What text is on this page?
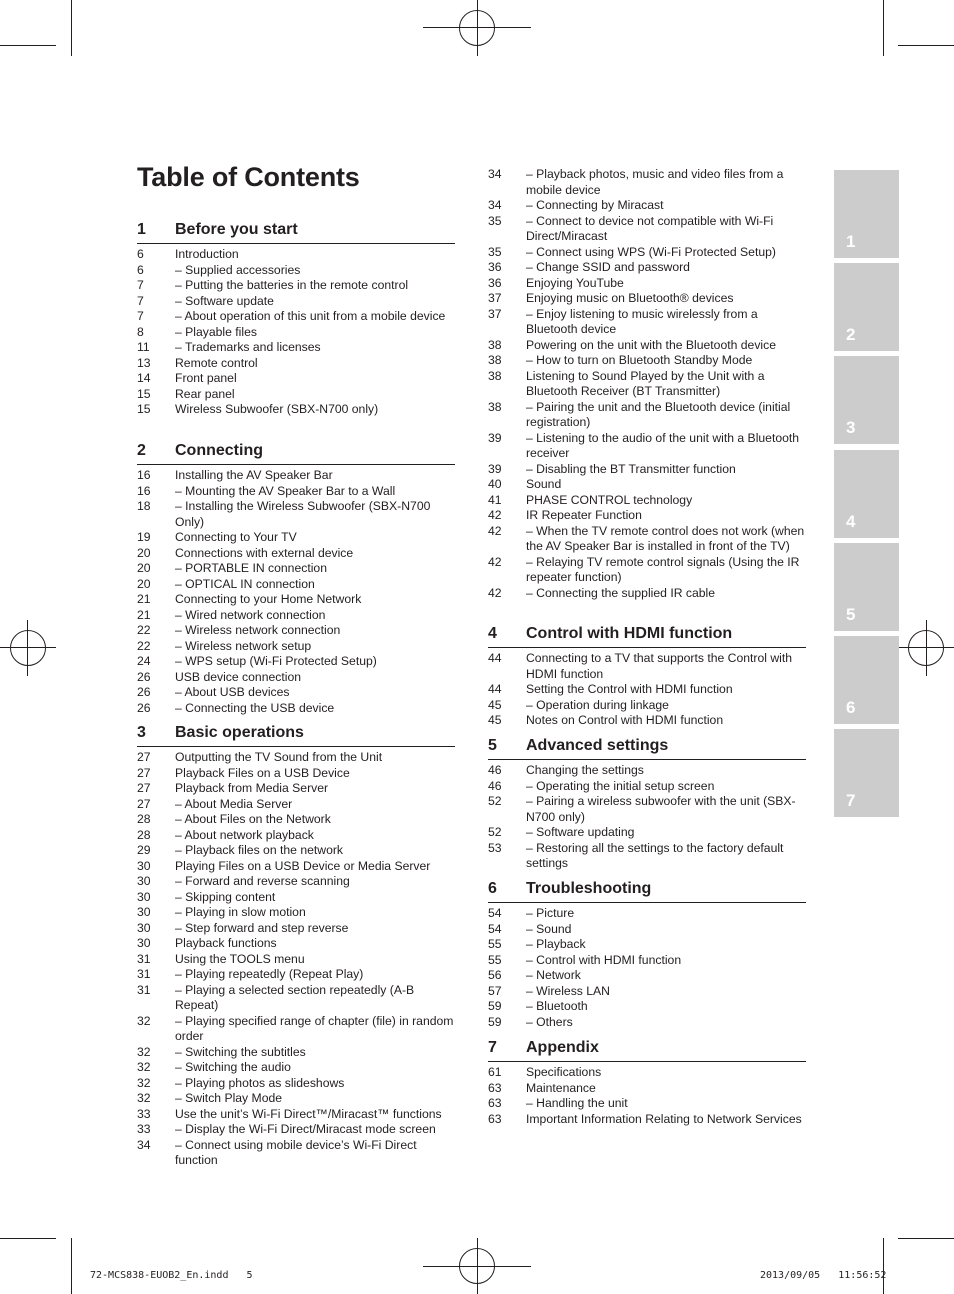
Table of Contents
1 Before you start
6	Introduction
6	– Supplied accessories
7	– Putting the batteries in the remote control
7	– Software update
7	– About operation of this unit from a mobile device
8	– Playable files
11 – Trademarks and licenses
13 Remote control
14 Front panel
15 Rear panel
15 Wireless Subwoofer (SBX-N700 only)
2 Connecting
16 Installing the AV Speaker Bar
16 – Mounting the AV Speaker Bar to a Wall
18 – Installing the Wireless Subwoofer (SBX-N700 Only)
19 Connecting to Your TV
20 Connections with external device
20 – PORTABLE IN connection
20 – OPTICAL IN connection
21 Connecting to your Home Network
21 – Wired network connection
22 – Wireless network connection
22 – Wireless network setup
24 – WPS setup (Wi-Fi Protected Setup)
26 USB device connection
26 – About USB devices
26 – Connecting the USB device
3 Basic operations
27 Outputting the TV Sound from the Unit
27 Playback Files on a USB Device
27 Playback from Media Server
27 – About Media Server
28 – About Files on the Network
28 – About network playback
29 – Playback files on the network
30 Playing Files on a USB Device or Media Server
30 – Forward and reverse scanning
30 – Skipping content
30 – Playing in slow motion
30 – Step forward and step reverse
30 Playback functions
31 Using the TOOLS menu
31 – Playing repeatedly (Repeat Play)
31 – Playing a selected section repeatedly (A-B Repeat)
32 – Playing specified range of chapter (file) in random order
32 – Switching the subtitles
32 – Switching the audio
32 – Playing photos as slideshows
32 – Switch Play Mode
33 Use the unit’s Wi-Fi Direct™/Miracast™ functions
33 – Display the Wi-Fi Direct/Miracast mode screen
34 – Connect using mobile device’s Wi-Fi Direct function
34 – Playback photos, music and video files from a mobile device
34 – Connecting by Miracast
35 – Connect to device not compatible with Wi-Fi Direct/Miracast
35 – Connect using WPS (Wi-Fi Protected Setup)
36 – Change SSID and password
36 Enjoying YouTube
37 Enjoying music on Bluetooth® devices
37 – Enjoy listening to music wirelessly from a Bluetooth device
38 Powering on the unit with the Bluetooth device
38 – How to turn on Bluetooth Standby Mode
38 Listening to Sound Played by the Unit with a Bluetooth Receiver (BT Transmitter)
38 – Pairing the unit and the Bluetooth device (initial registration)
39 – Listening to the audio of the unit with a Bluetooth receiver
39 – Disabling the BT Transmitter function
40 Sound
41 PHASE CONTROL technology
42 IR Repeater Function
42 – When the TV remote control does not work (when the AV Speaker Bar is installed in front of the TV)
42 – Relaying TV remote control signals (Using the IR repeater function)
42 – Connecting the supplied IR cable
4 Control with HDMI function
44 Connecting to a TV that supports the Control with HDMI function
44 Setting the Control with HDMI function
45 – Operation during linkage
45 Notes on Control with HDMI function
5 Advanced settings
46 Changing the settings
46 – Operating the initial setup screen
52 – Pairing a wireless subwoofer with the unit (SBX-N700 only)
52 – Software updating
53 – Restoring all the settings to the factory default settings
6 Troubleshooting
54 – Picture
54 – Sound
55 – Playback
55 – Control with HDMI function
56 – Network
57 – Wireless LAN
59 – Bluetooth
59 – Others
7 Appendix
61 Specifications
63 Maintenance
63 – Handling the unit
63 Important Information Relating to Network Services
1
2
3
4
5
6
7
72-MCS838-EUOB2_En.indd   5	2013/09/05   11:56:52
